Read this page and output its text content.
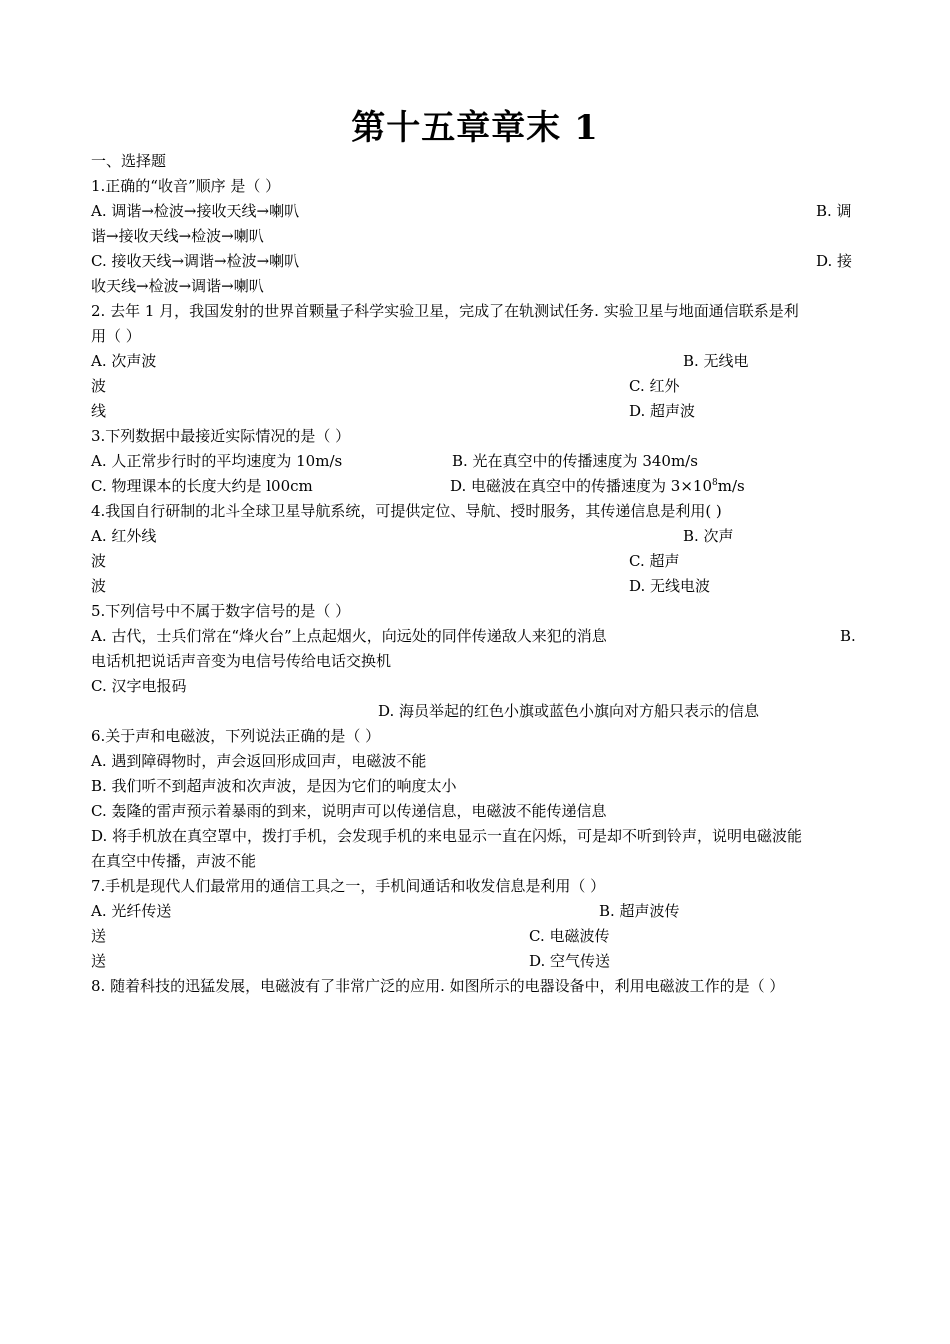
第十五章章末 1
一、选择题
1.正确的“收音”顺序 是（ ）
A. 调谐→检波→接收天线→喇叭	B. 调
谐→接收天线→检波→喇叭
C. 接收天线→调谐→检波→喇叭	D. 接
收天线→检波→调谐→喇叭
2. 去年 1 月，我国发射的世界首颗量子科学实验卫星，完成了在轨测试任务. 实验卫星与地面通信联系是利
用（ ）
A. 次声波	B. 无线电
波	C. 红外
线	D. 超声波
3.下列数据中最接近实际情况的是（ ）
A. 人正常步行时的平均速度为 10m/s	B. 光在真空中的传播速度为 340m/s
C. 物理课本的长度大约是 l00cm	D. 电磁波在真空中的传播速度为 $3\times 10^8m/s$
4.我国自行研制的北斗全球卫星导航系统，可提供定位、导航、授时服务，其传递信息是利用( )
A. 红外线	B. 次声
波	C. 超声
波	D. 无线电波
5.下列信号中不属于数字信号的是（ ）
A. 古代，士兵们常在“烽火台”上点起烟火，向远处的同伴传递敌人来犯的消息	B.
电话机把说话声音变为电信号传给电话交换机
C. 汉字电报码
D. 海员举起的红色小旗或蓝色小旗向对方船只表示的信息
6.关于声和电磁波，下列说法正确的是（ ）
A. 遇到障碍物时，声会返回形成回声，电磁波不能
B. 我们听不到超声波和次声波，是因为它们的响度太小
C. 轰隆的雷声预示着暴雨的到来，说明声可以传递信息，电磁波不能传递信息
D. 将手机放在真空罩中，拨打手机，会发现手机的来电显示一直在闪烁，可是却不听到铃声，说明电磁波能
在真空中传播，声波不能
7.手机是现代人们最常用的通信工具之一，手机间通话和收发信息是利用（ ）
A. 光纤传送	B. 超声波传
送	C. 电磁波传
送	D. 空气传送
8. 随着科技的迅猛发展，电磁波有了非常广泛的应用. 如图所示的电器设备中，利用电磁波工作的是（ ）
